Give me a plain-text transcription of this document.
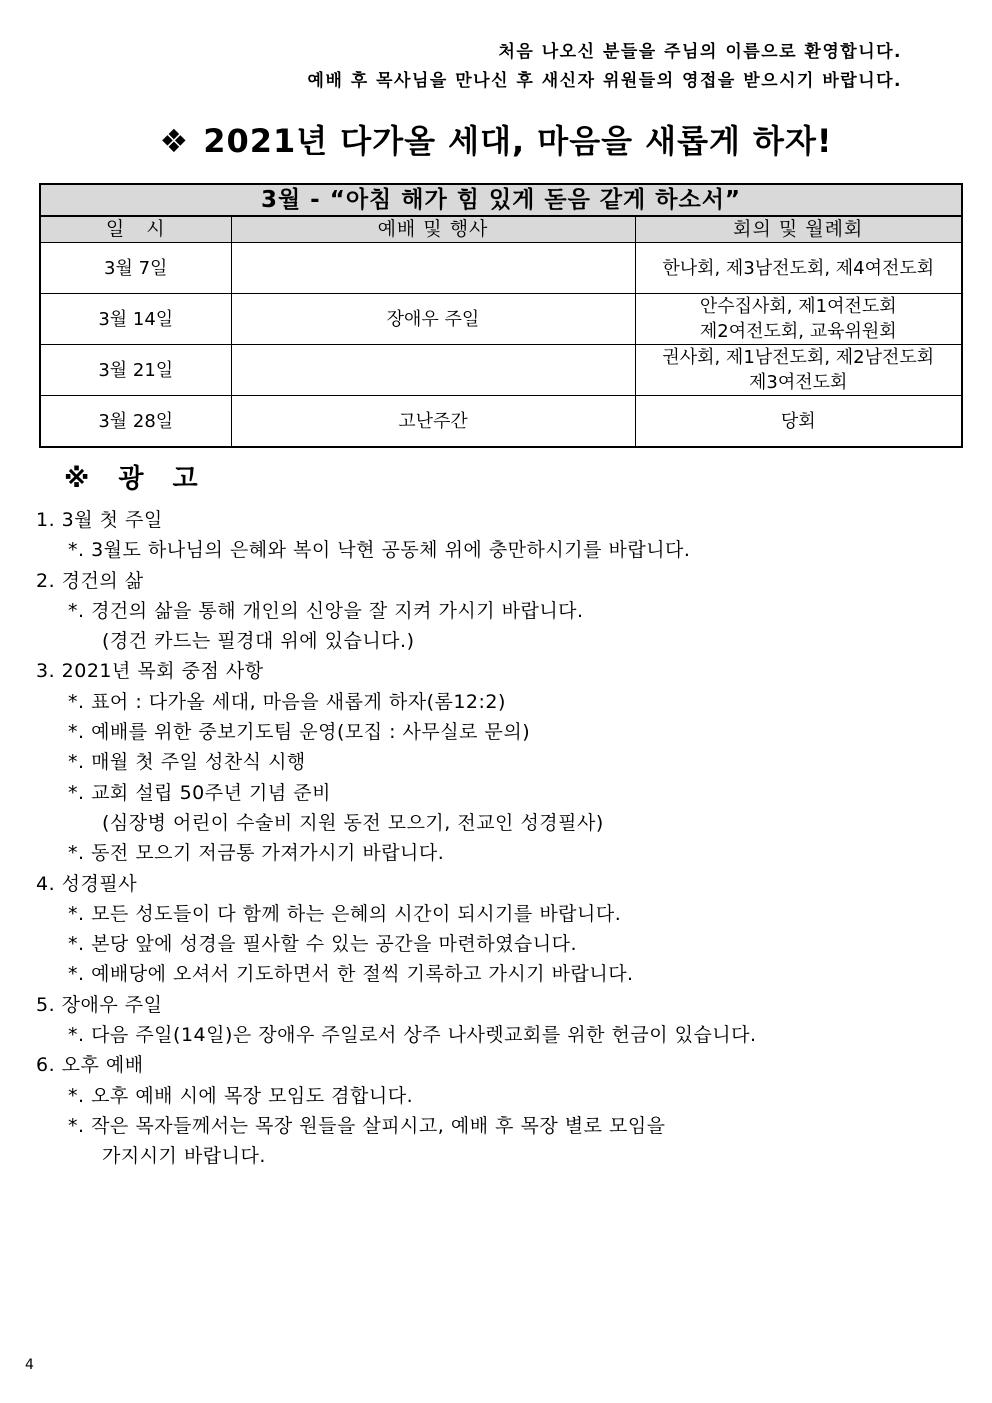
처음 나오신 분들을 주님의 이름으로 환영합니다.
예배 후 목사님을 만나신 후 새신자 위원들의 영접을 받으시기 바랍니다.
❖ 2021년 다가올 세대, 마음을 새롭게 하자!
3월 - “아침 해가 힘 있게 돋음 같게 하소서”		
일   시	예배 및 행사	회의 및 월례회
3월 7일		한나회, 제3남전도회, 제4여전도회

3월 14일	장애우 주일	안수집사회, 제1여전도회
제2여전도회, 교육위원회

3월 21일		권사회, 제1남전도회, 제2남전도회
제3여전도회

3월 28일	고난주간	당회
※ 광 고
1. 3월 첫 주일
*. 3월도 하나님의 은혜와 복이 낙현 공동체 위에 충만하시기를 바랍니다.
2. 경건의 삶
*. 경건의 삶을 통해 개인의 신앙을 잘 지켜 가시기 바랍니다.
(경건 카드는 필경대 위에 있습니다.)
3. 2021년 목회 중점 사항
*. 표어 : 다가올 세대, 마음을 새롭게 하자(롬12:2)
*. 예배를 위한 중보기도팀 운영(모집 : 사무실로 문의)
*. 매월 첫 주일 성찬식 시행
*. 교회 설립 50주년 기념 준비
(심장병 어린이 수술비 지원 동전 모으기, 전교인 성경필사)
*. 동전 모으기 저금통 가져가시기 바랍니다.
4. 성경필사
*. 모든 성도들이 다 함께 하는 은혜의 시간이 되시기를 바랍니다.
*. 본당 앞에 성경을 필사할 수 있는 공간을 마련하였습니다.
*. 예배당에 오셔서 기도하면서 한 절씩 기록하고 가시기 바랍니다.
5. 장애우 주일
*. 다음 주일(14일)은 장애우 주일로서 상주 나사렛교회를 위한 헌금이 있습니다.
6. 오후 예배
*. 오후 예배 시에 목장 모임도 겸합니다.
*. 작은 목자들께서는 목장 원들을 살피시고, 예배 후 목장 별로 모임을
가지시기 바랍니다.
4
